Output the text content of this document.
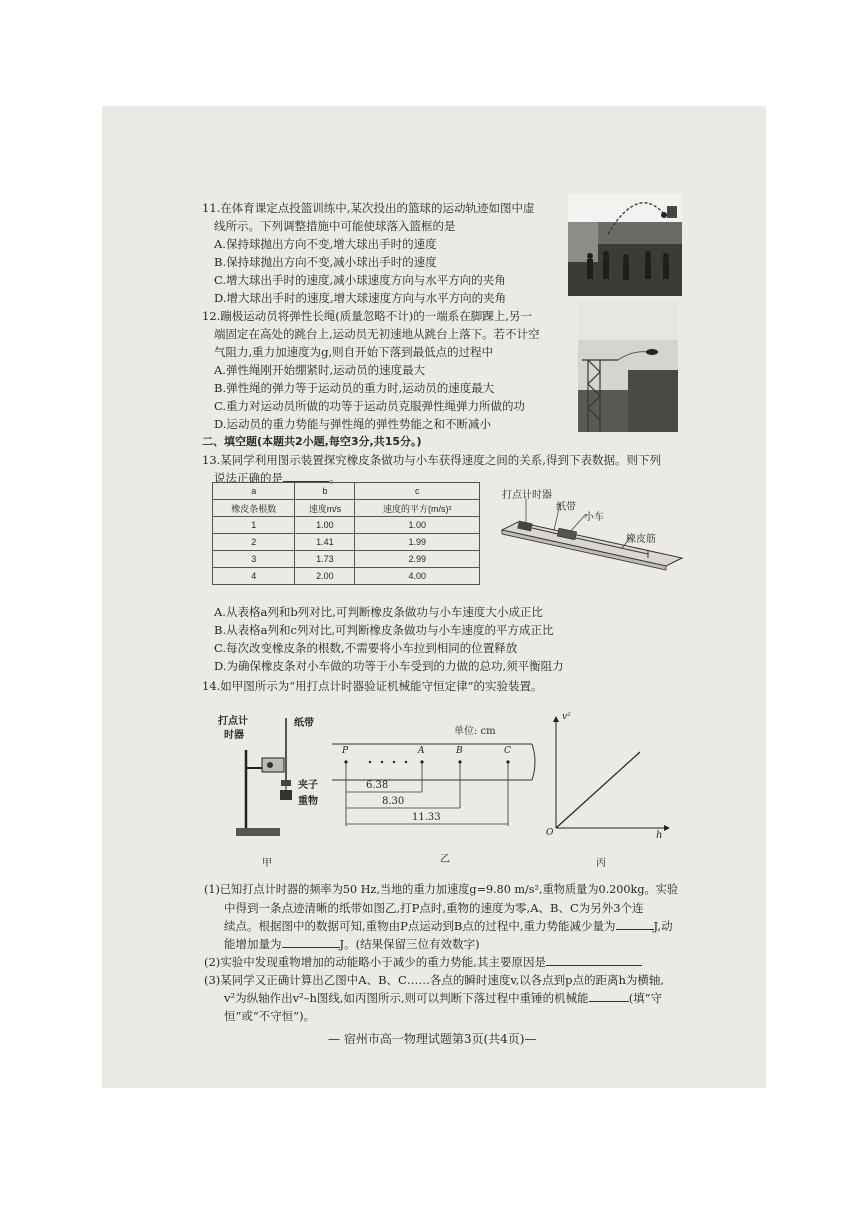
11.在体育课定点投篮训练中,某次投出的篮球的运动轨迹如图中虚
线所示。下列调整措施中可能使球落入篮框的是
A.保持球抛出方向不变,增大球出手时的速度
B.保持球抛出方向不变,减小球出手时的速度
C.增大球出手时的速度,减小球速度方向与水平方向的夹角
D.增大球出手时的速度,增大球速度方向与水平方向的夹角
12.蹦极运动员将弹性长绳(质量忽略不计)的一端系在脚踝上,另一
端固定在高处的跳台上,运动员无初速地从跳台上落下。若不计空
气阻力,重力加速度为g,则自开始下落到最低点的过程中
A.弹性绳刚开始绷紧时,运动员的速度最大
B.弹性绳的弹力等于运动员的重力时,运动员的速度最大
C.重力对运动员所做的功等于运动员克服弹性绳弹力所做的功
D.运动员的重力势能与弹性绳的弹性势能之和不断减小
二、填空题(本题共2小题,每空3分,共15分。)
13.某同学利用图示装置探究橡皮条做功与小车获得速度之间的关系,得到下表数据。则下列
说法正确的是	。
a	b	c
橡皮条根数	速度m/s	速度的平方(m/s)²
1	1.00	1.00
2	1.41	1.99
3	1.73	2.99
4	2.00	4.00
打点计时器
纸带
小车
橡皮筋
A.从表格a列和b列对比,可判断橡皮条做功与小车速度大小成正比
B.从表格a列和c列对比,可判断橡皮条做功与小车速度的平方成正比
C.每次改变橡皮条的根数,不需要将小车拉到相同的位置释放
D.为确保橡皮条对小车做的功等于小车受到的力做的总功,须平衡阻力
14.如甲图所示为“用打点计时器验证机械能守恒定律”的实验装置。
打点计
时器
纸带
夹子
重物
甲
单位: cm
P	A	B	C
6.38
8.30
11.33
乙
v²
h
O
丙
(1)已知打点计时器的频率为50 Hz,当地的重力加速度g=9.80 m/s²,重物质量为0.200kg。实验
中得到一条点迹清晰的纸带如图乙,打P点时,重物的速度为零,A、B、C为另外3个连
续点。根据图中的数据可知,重物由P点运动到B点的过程中,重力势能减少量为	J,动
能增加量为	J。(结果保留三位有效数字)
(2)实验中发现重物增加的动能略小于减少的重力势能,其主要原因是
(3)某同学又正确计算出乙图中A、B、C……各点的瞬时速度v,以各点到p点的距离h为横轴,
v²为纵轴作出v²–h图线,如丙图所示,则可以判断下落过程中重锤的机械能	(填“守
恒”或“不守恒”)。
— 宿州市高一物理试题第3页(共4页)—
